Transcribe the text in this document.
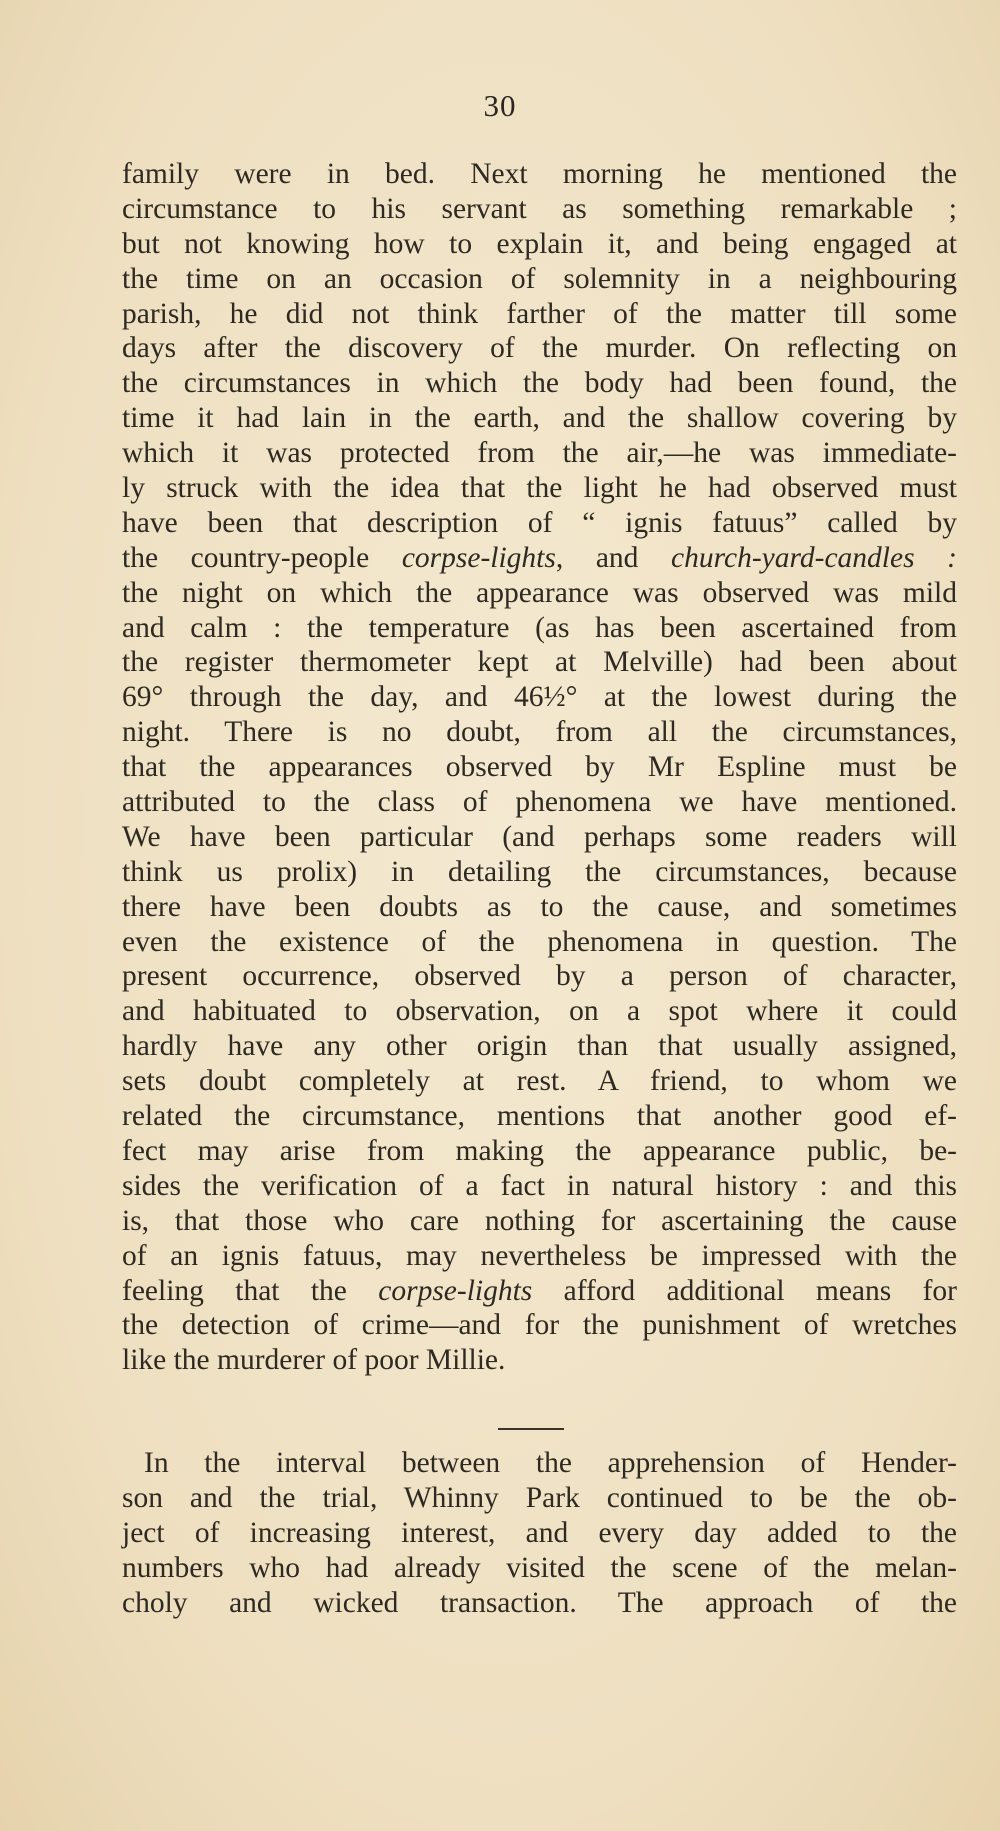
30
family were in bed. Next morning he mentioned the
circumstance to his servant as something remarkable ;
but not knowing how to explain it, and being engaged at
the time on an occasion of solemnity in a neighbouring
parish, he did not think farther of the matter till some
days after the discovery of the murder. On reflecting on
the circumstances in which the body had been found, the
time it had lain in the earth, and the shallow covering by
which it was protected from the air,—he was immediate-
ly struck with the idea that the light he had observed must
have been that description of “ ignis fatuus” called by
the country-people corpse-lights, and church-yard-candles :
the night on which the appearance was observed was mild
and calm : the temperature (as has been ascertained from
the register thermometer kept at Melville) had been about
69° through the day, and 46½° at the lowest during the
night. There is no doubt, from all the circumstances,
that the appearances observed by Mr Espline must be
attributed to the class of phenomena we have mentioned.
We have been particular (and perhaps some readers will
think us prolix) in detailing the circumstances, because
there have been doubts as to the cause, and sometimes
even the existence of the phenomena in question. The
present occurrence, observed by a person of character,
and habituated to observation, on a spot where it could
hardly have any other origin than that usually assigned,
sets doubt completely at rest. A friend, to whom we
related the circumstance, mentions that another good ef-
fect may arise from making the appearance public, be-
sides the verification of a fact in natural history : and this
is, that those who care nothing for ascertaining the cause
of an ignis fatuus, may nevertheless be impressed with the
feeling that the corpse-lights afford additional means for
the detection of crime—and for the punishment of wretches
like the murderer of poor Millie.
In the interval between the apprehension of Hender-
son and the trial, Whinny Park continued to be the ob-
ject of increasing interest, and every day added to the
numbers who had already visited the scene of the melan-
choly and wicked transaction. The approach of the
